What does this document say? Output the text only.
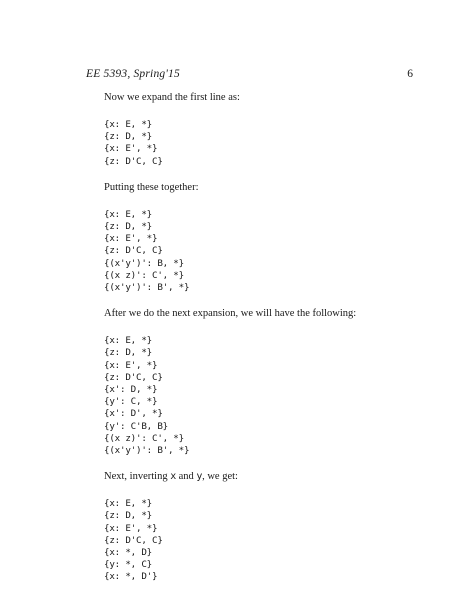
EE 5393, Spring'15	6

Now we expand the first line as:

{x: E, *}
{z: D, *}
{x: E', *}
{z: D'C, C}

Putting these together:

{x: E, *}
{z: D, *}
{x: E', *}
{z: D'C, C}
{(x'y')': B, *}
{(x z)': C', *}
{(x'y')': B', *}

After we do the next expansion, we will have the following:

{x: E, *}
{z: D, *}
{x: E', *}
{z: D'C, C}
{x': D, *}
{y': C, *}
{x': D', *}
{y': C'B, B}
{(x z)': C', *}
{(x'y')': B', *}

Next, inverting x and y, we get:

{x: E, *}
{z: D, *}
{x: E', *}
{z: D'C, C}
{x: *, D}
{y: *, C}
{x: *, D'}
